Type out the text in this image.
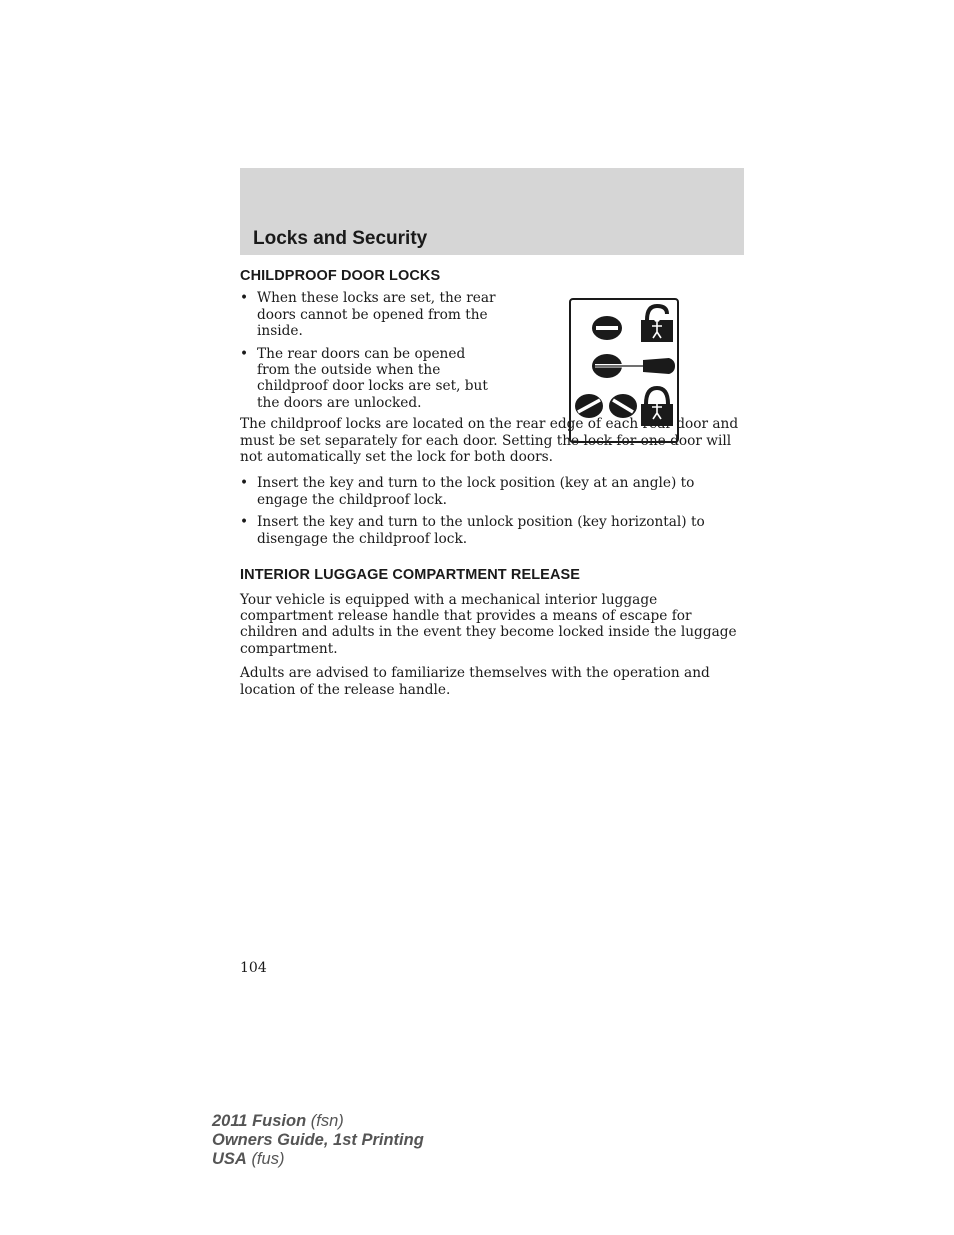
Locks and Security
CHILDPROOF DOOR LOCKS
• When these locks are set, the rear doors cannot be opened from the inside.
• The rear doors can be opened from the outside when the childproof door locks are set, but the doors are unlocked.

The childproof locks are located on the rear edge of each rear door and must be set separately for each door. Setting the lock for one door will not automatically set the lock for both doors.

• Insert the key and turn to the lock position (key at an angle) to engage the childproof lock.
• Insert the key and turn to the unlock position (key horizontal) to disengage the childproof lock.
INTERIOR LUGGAGE COMPARTMENT RELEASE

Your vehicle is equipped with a mechanical interior luggage compartment release handle that provides a means of escape for children and adults in the event they become locked inside the luggage compartment.

Adults are advised to familiarize themselves with the operation and location of the release handle.

104
2011 Fusion (fsn)
Owners Guide, 1st Printing
USA (fus)
